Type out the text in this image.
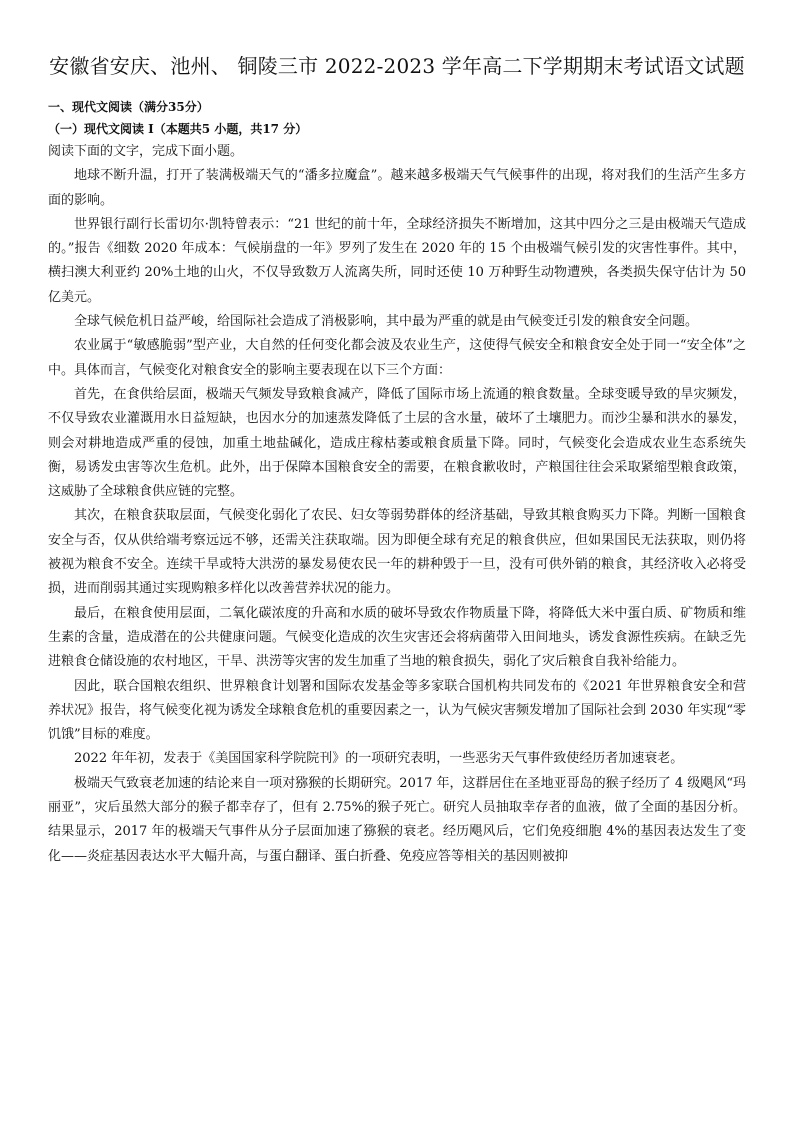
安徽省安庆、池州、 铜陵三市 2022-2023 学年高二下学期期末考试语文试题

一、现代文阅读（满分35分）

（一）现代文阅读 I（本题共5 小题，共17 分）

阅读下面的文字，完成下面小题。

地球不断升温，打开了装满极端天气的“潘多拉魔盒”。越来越多极端天气气候事件的出现，将对我们的生活产生多方面的影响。

世界银行副行长雷切尔·凯特曾表示：“21 世纪的前十年，全球经济损失不断增加，这其中四分之三是由极端天气造成的。”报告《细数 2020 年成本：气候崩盘的一年》罗列了发生在 2020 年的 15 个由极端气候引发的灾害性事件。其中，横扫澳大利亚约 20%土地的山火，不仅导致数万人流离失所，同时还使 10 万种野生动物遭殃，各类损失保守估计为 50 亿美元。

全球气候危机日益严峻，给国际社会造成了消极影响，其中最为严重的就是由气候变迁引发的粮食安全问题。

农业属于“敏感脆弱”型产业，大自然的任何变化都会波及农业生产，这使得气候安全和粮食安全处于同一“安全体”之中。具体而言，气候变化对粮食安全的影响主要表现在以下三个方面：

首先，在食供给层面，极端天气频发导致粮食减产，降低了国际市场上流通的粮食数量。全球变暖导致的旱灾频发，不仅导致农业灌溉用水日益短缺，也因水分的加速蒸发降低了土层的含水量，破坏了土壤肥力。而沙尘暴和洪水的暴发，则会对耕地造成严重的侵蚀，加重土地盐碱化，造成庄稼枯萎或粮食质量下降。同时，气候变化会造成农业生态系统失衡，易诱发虫害等次生危机。此外，出于保障本国粮食安全的需要，在粮食歉收时，产粮国往往会采取紧缩型粮食政策，这威胁了全球粮食供应链的完整。

其次，在粮食获取层面，气候变化弱化了农民、妇女等弱势群体的经济基础，导致其粮食购买力下降。判断一国粮食安全与否，仅从供给端考察远远不够，还需关注获取端。因为即便全球有充足的粮食供应，但如果国民无法获取，则仍将被视为粮食不安全。连续干旱或特大洪涝的暴发易使农民一年的耕种毁于一旦，没有可供外销的粮食，其经济收入必将受损，进而削弱其通过实现购粮多样化以改善营养状况的能力。

最后，在粮食使用层面，二氧化碳浓度的升高和水质的破坏导致农作物质量下降，将降低大米中蛋白质、矿物质和维生素的含量，造成潜在的公共健康问题。气候变化造成的次生灾害还会将病菌带入田间地头，诱发食源性疾病。在缺乏先进粮食仓储设施的农村地区，干旱、洪涝等灾害的发生加重了当地的粮食损失，弱化了灾后粮食自我补给能力。

因此，联合国粮农组织、世界粮食计划署和国际农发基金等多家联合国机构共同发布的《2021 年世界粮食安全和营养状况》报告，将气候变化视为诱发全球粮食危机的重要因素之一，认为气候灾害频发增加了国际社会到 2030 年实现“零饥饿”目标的难度。

2022 年年初，发表于《美国国家科学院院刊》的一项研究表明，一些恶劣天气事件致使经历者加速衰老。

极端天气致衰老加速的结论来自一项对猕猴的长期研究。2017 年，这群居住在圣地亚哥岛的猴子经历了 4 级飓风“玛丽亚”，灾后虽然大部分的猴子都幸存了，但有 2.75%的猴子死亡。研究人员抽取幸存者的血液，做了全面的基因分析。结果显示，2017 年的极端天气事件从分子层面加速了猕猴的衰老。经历飓风后，它们免疫细胞 4%的基因表达发生了变化——炎症基因表达水平大幅升高，与蛋白翻译、蛋白折叠、免疫应答等相关的基因则被抑
